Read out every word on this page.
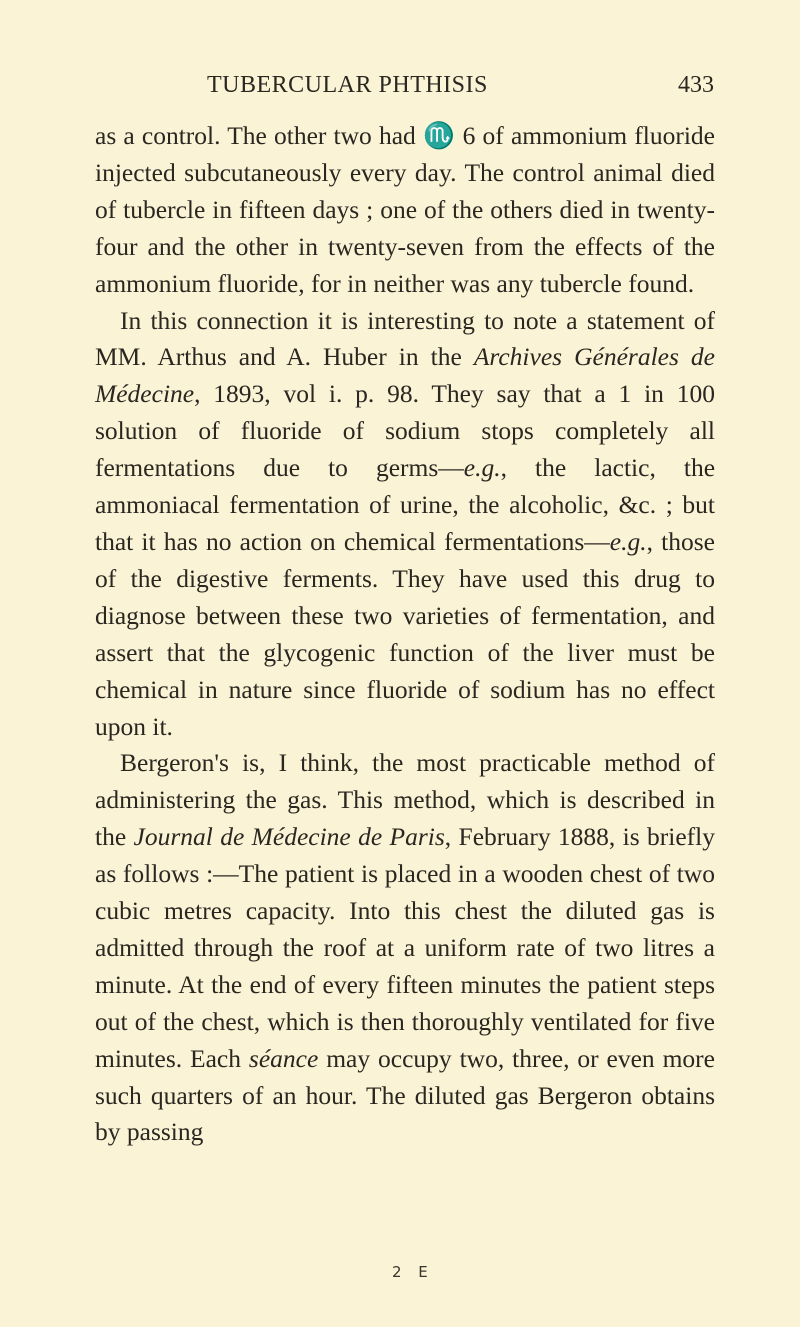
TUBERCULAR PHTHISIS	433

as a control. The other two had ♏ 6 of ammonium fluoride injected subcutaneously every day. The control animal died of tubercle in fifteen days ; one of the others died in twenty-four and the other in twenty-seven from the effects of the ammonium fluoride, for in neither was any tubercle found.

In this connection it is interesting to note a statement of MM. Arthus and A. Huber in the Archives Générales de Médecine, 1893, vol i. p. 98. They say that a 1 in 100 solution of fluoride of sodium stops completely all fermentations due to germs—e.g., the lactic, the ammoniacal fermentation of urine, the alcoholic, &c. ; but that it has no action on chemical fermentations—e.g., those of the digestive ferments. They have used this drug to diagnose between these two varieties of fermentation, and assert that the glycogenic function of the liver must be chemical in nature since fluoride of sodium has no effect upon it.

Bergeron's is, I think, the most practicable method of administering the gas. This method, which is described in the Journal de Médecine de Paris, February 1888, is briefly as follows :—The patient is placed in a wooden chest of two cubic metres capacity. Into this chest the diluted gas is admitted through the roof at a uniform rate of two litres a minute. At the end of every fifteen minutes the patient steps out of the chest, which is then thoroughly ventilated for five minutes. Each séance may occupy two, three, or even more such quarters of an hour. The diluted gas Bergeron obtains by passing

2 E
